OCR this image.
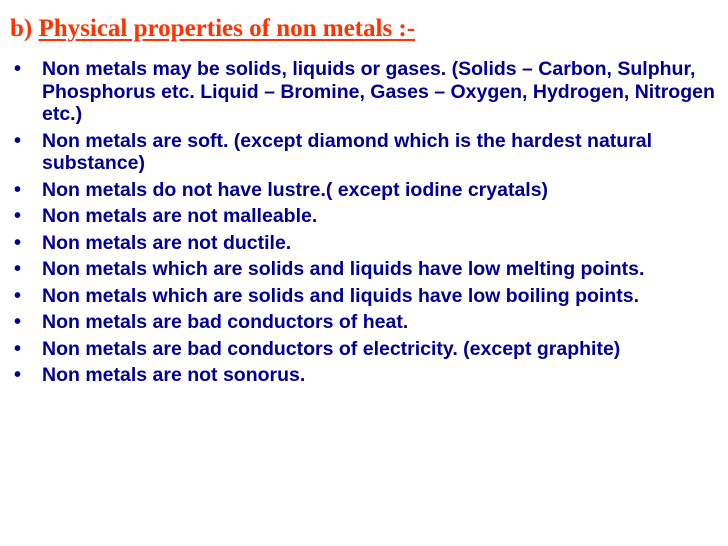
b) Physical properties of non metals :-
• Non metals may be solids, liquids or gases. (Solids – Carbon, Sulphur, Phosphorus etc. Liquid – Bromine, Gases – Oxygen, Hydrogen, Nitrogen etc.)
• Non metals are soft. (except diamond which is the hardest natural substance)
• Non metals do not have lustre.( except iodine cryatals)
• Non metals are not malleable.
• Non metals are not ductile.
• Non metals which are solids and liquids have low melting points.
• Non metals which are solids and liquids have low boiling points.
• Non metals are bad conductors of heat.
• Non metals are bad conductors of electricity. (except graphite)
• Non metals are not sonorus.
